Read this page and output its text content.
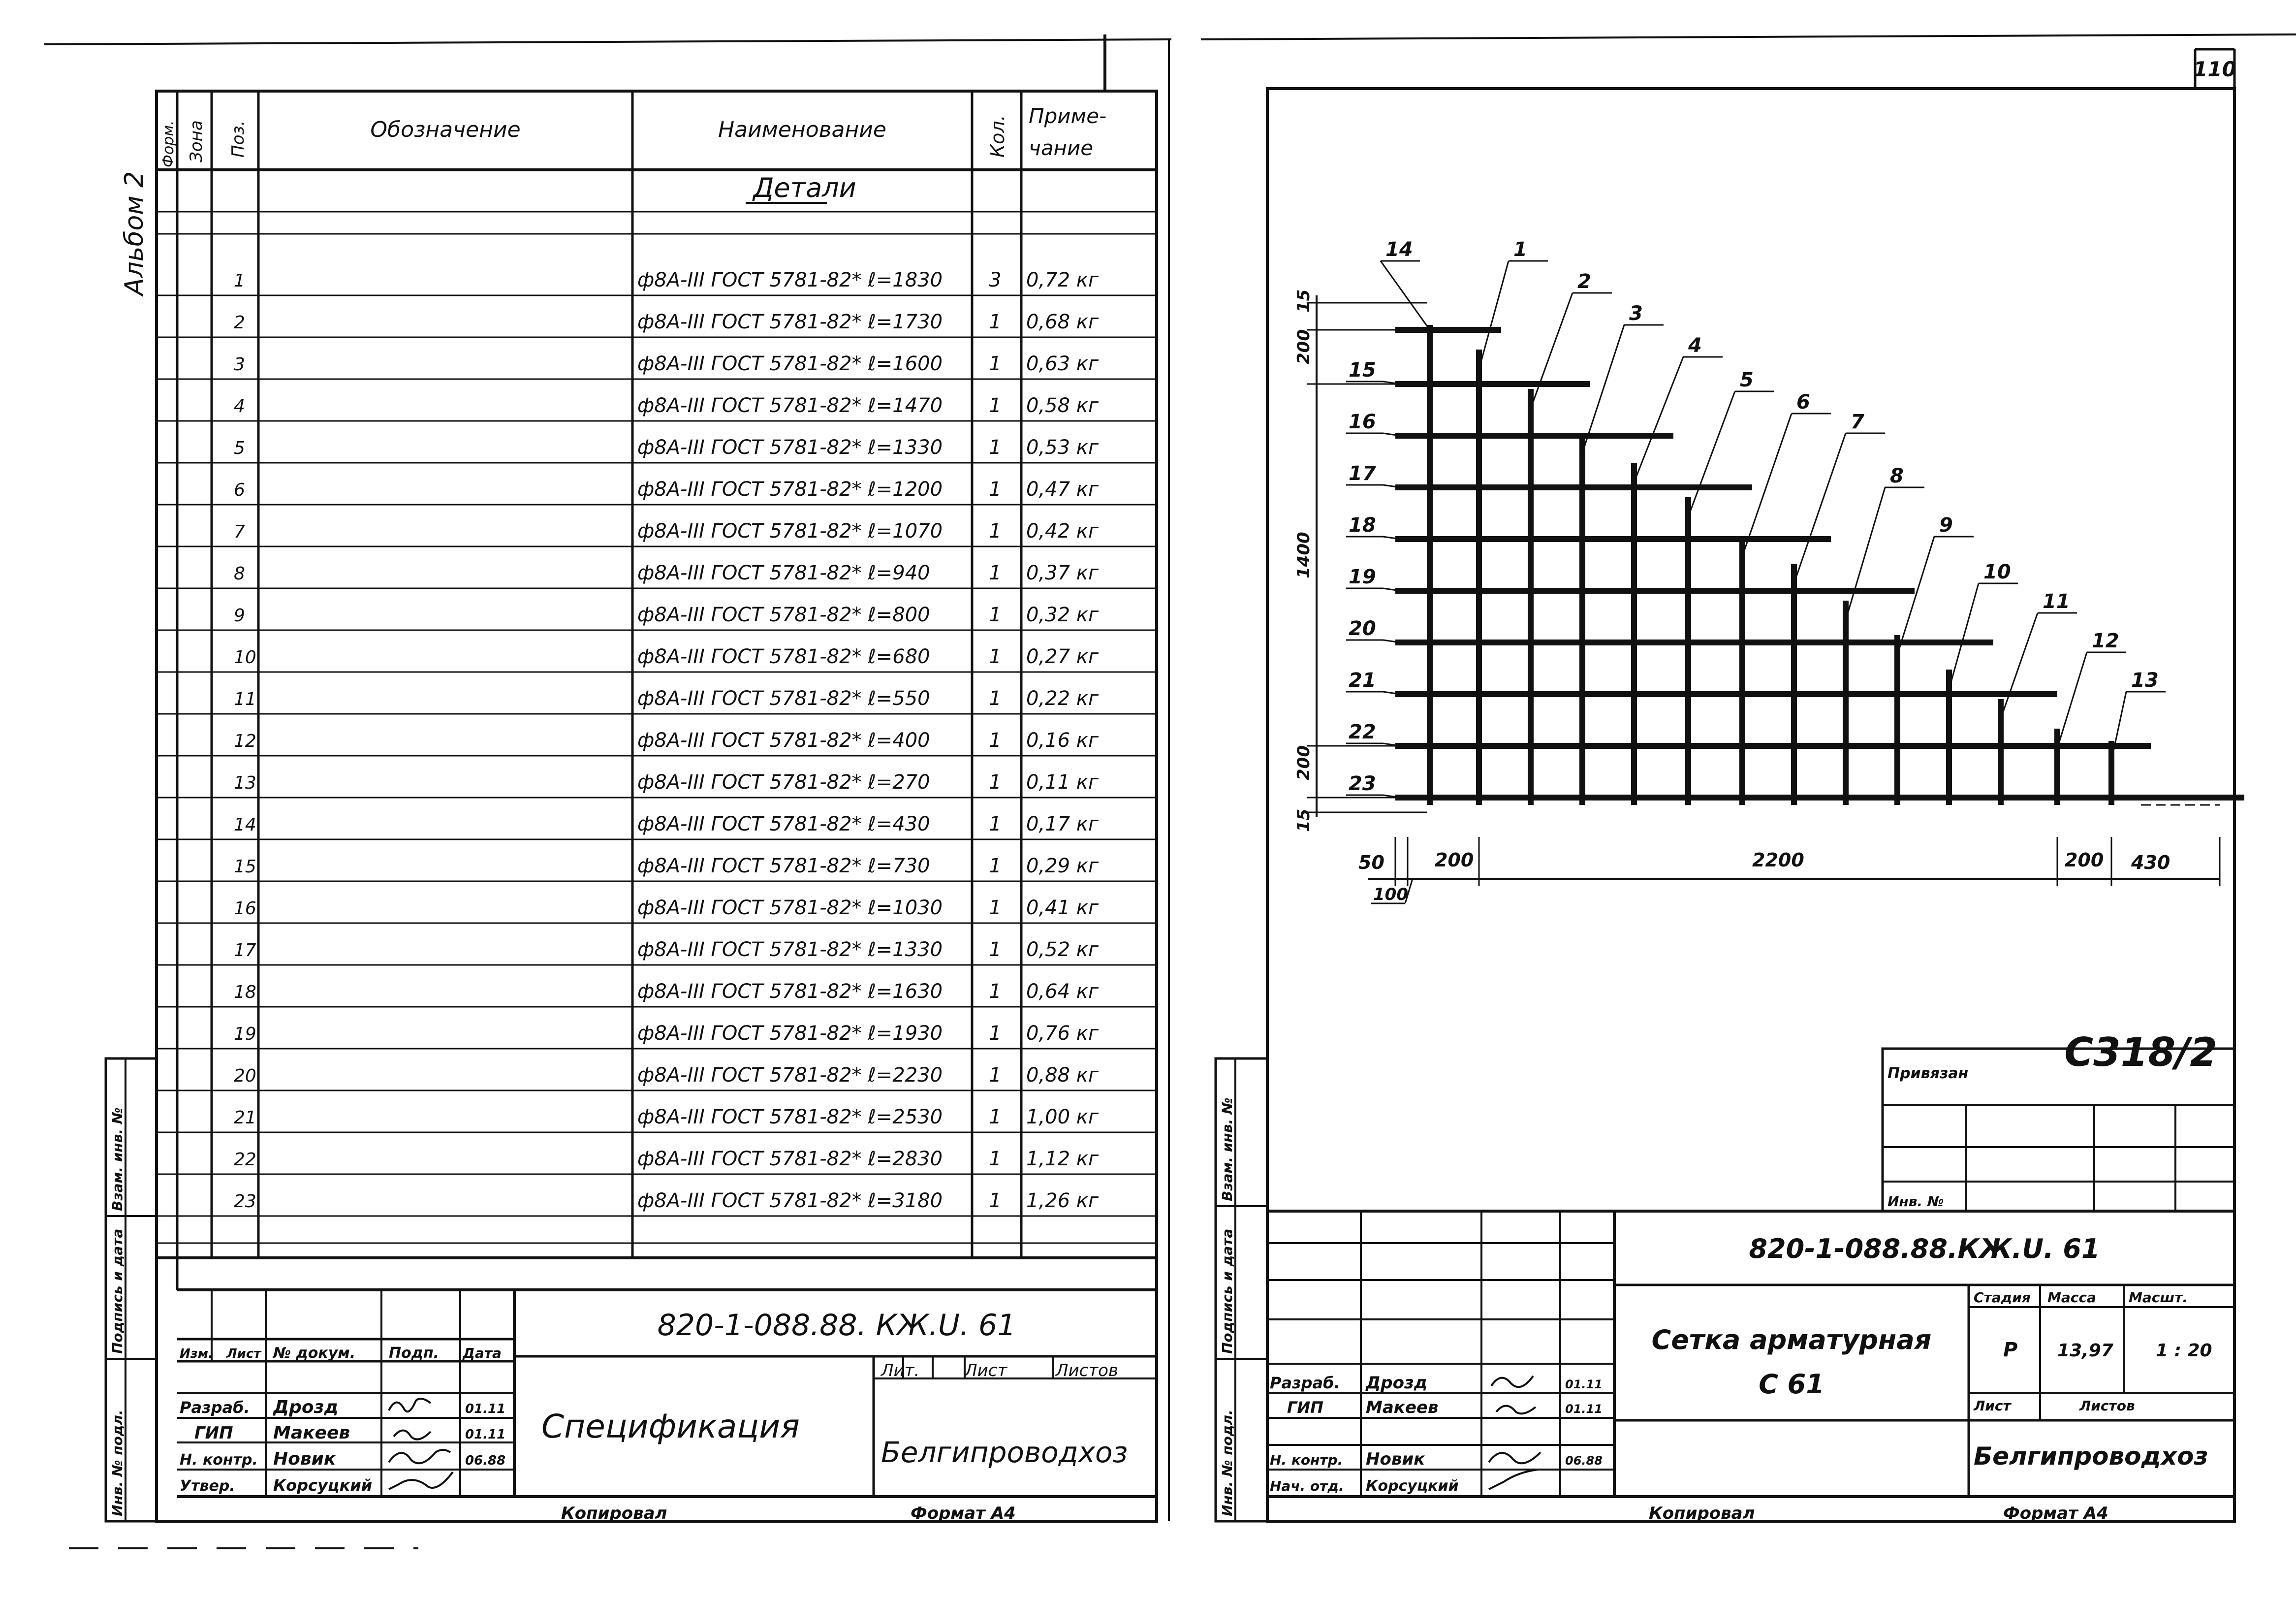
Альбом 2
Форм. Зона Поз.	Обозначение	Наименование	Кол. Приме-
чание
Детали
1	ф8А-III ГОСТ 5781-82* ℓ=1830 3 0,72 кг
2	ф8А-III ГОСТ 5781-82* ℓ=1730 1 0,68 кг
3	ф8А-III ГОСТ 5781-82* ℓ=1600 1 0,63 кг
4	ф8А-III ГОСТ 5781-82* ℓ=1470 1 0,58 кг
5	ф8А-III ГОСТ 5781-82* ℓ=1330 1 0,53 кг
6	ф8А-III ГОСТ 5781-82* ℓ=1200 1 0,47 кг
7	ф8А-III ГОСТ 5781-82* ℓ=1070 1 0,42 кг
8	ф8А-III ГОСТ 5781-82* ℓ=940	1 0,37 кг
9	ф8А-III ГОСТ 5781-82* ℓ=800	1 0,32 кг
10	ф8А-III ГОСТ 5781-82* ℓ=680	1 0,27 кг
11	ф8А-III ГОСТ 5781-82* ℓ=550	1 0,22 кг
12	ф8А-III ГОСТ 5781-82* ℓ=400	1 0,16 кг
13	ф8А-III ГОСТ 5781-82* ℓ=270	1 0,11 кг
14	ф8А-III ГОСТ 5781-82* ℓ=430	1 0,17 кг
15	ф8А-III ГОСТ 5781-82* ℓ=730	1 0,29 кг
16	ф8А-III ГОСТ 5781-82* ℓ=1030 1 0,41 кг
17	ф8А-III ГОСТ 5781-82* ℓ=1330 1 0,52 кг
18	ф8А-III ГОСТ 5781-82* ℓ=1630 1 0,64 кг
19	ф8А-III ГОСТ 5781-82* ℓ=1930 1 0,76 кг
20	ф8А-III ГОСТ 5781-82* ℓ=2230 1 0,88 кг
21	ф8А-III ГОСТ 5781-82* ℓ=2530 1 1,00 кг
22	ф8А-III ГОСТ 5781-82* ℓ=2830 1 1,12 кг
23	ф8А-III ГОСТ 5781-82* ℓ=3180 1 1,26 кг
Инв. № подл.
Подпись и дата
Взам. инв. №
820-1-088.88. КЖ.U. 61
Изм. Лист № докум. Подп. Дата
Разраб. Дрозд	01.11
ГИП Макеев	01.11
Н. контр. Новик	06.88
Утвер. Корсуцкий
Спецификация
Лит.	Лист	Листов
Белгипроводхоз
Копировал	Формат А4
110
14	1
2
3
4
5
6
7
8
9
10
11
12
13
15
16
17
18
19
20
21
22
23
15
200
1400
200
15
50	200	2200	200 430
100
Инв. № подл.
Подпись и дата
Взам. инв. №
С318/2
Привязан
Инв. №
820-1-088.88.КЖ.U. 61
Сетка арматурная
С 61
Стадия Масса Масшт.
Р 13,97 1 : 20
Лист	Листов
Белгипроводхоз
Разраб. Дрозд	01.11
ГИП	Макеев	01.11
Н. контр. Новик	06.88
Нач. отд. Корсуцкий
Копировал	Формат А4
